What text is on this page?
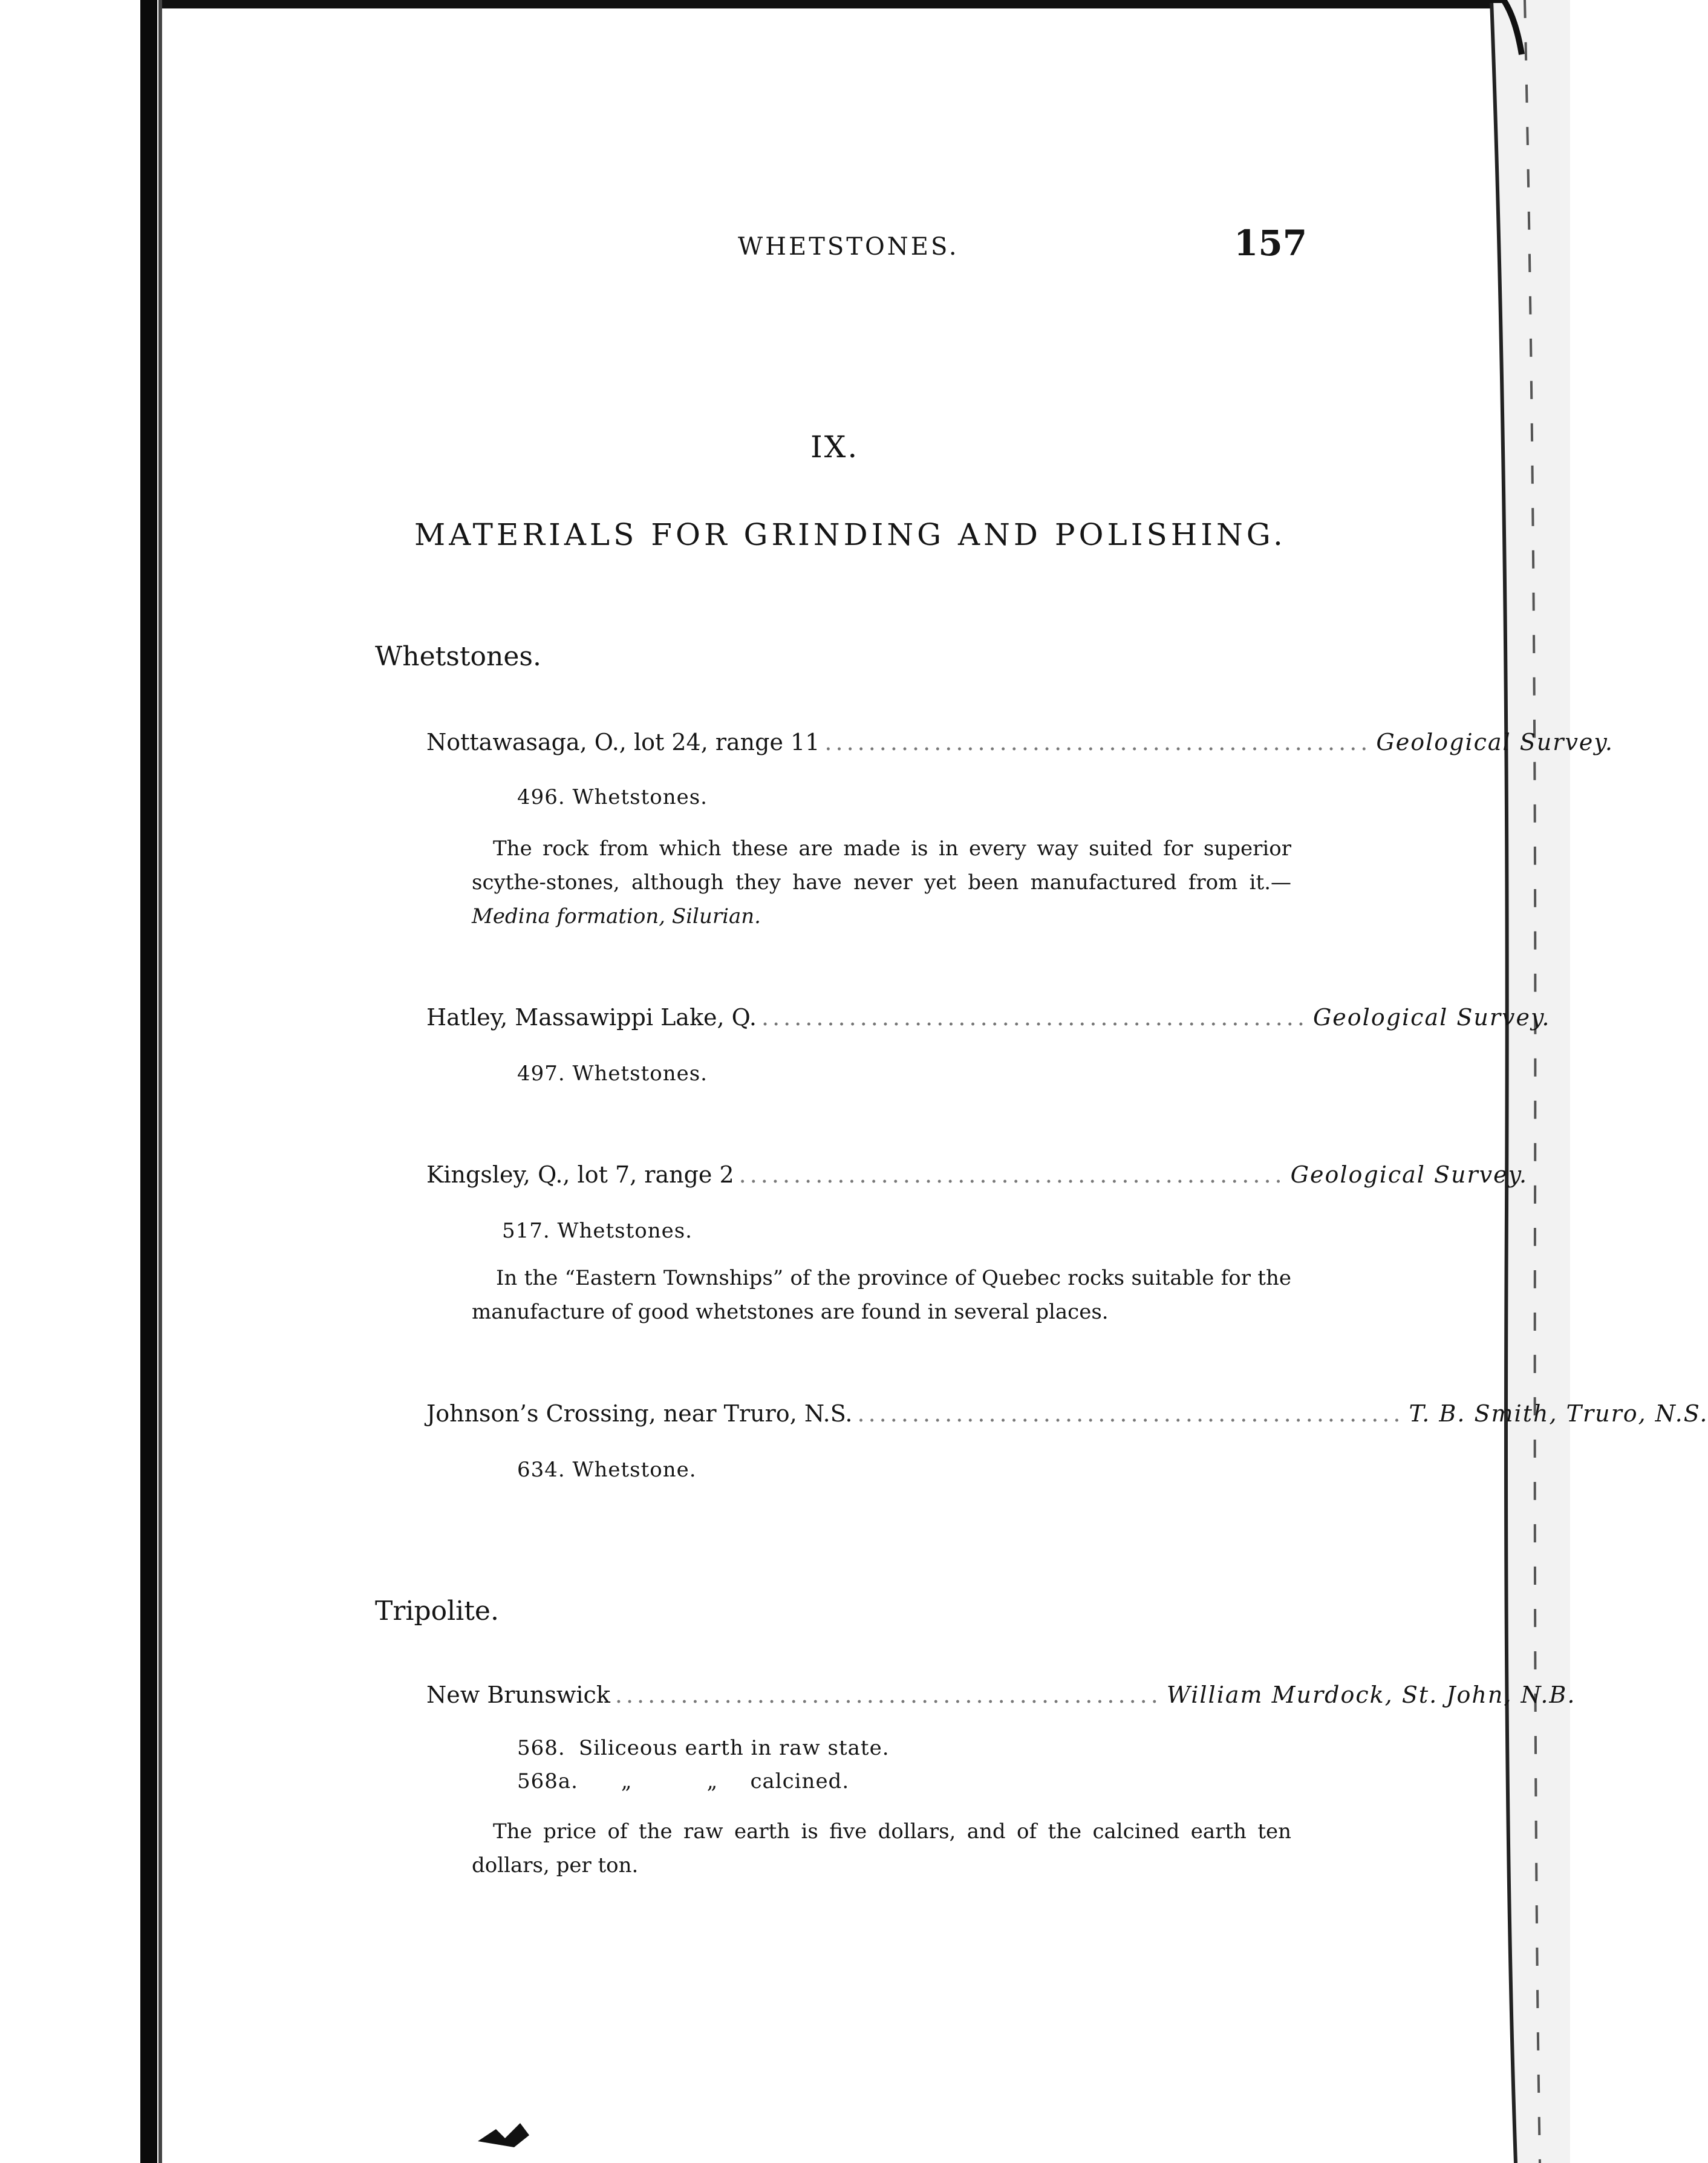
WHETSTONES.	157
IX.
MATERIALS FOR GRINDING AND POLISHING.
Whetstones.
Nottawasaga, O., lot 24, range 11 .................................................. Geological Survey.
496. Whetstones.
The rock from which these are made is in every way suited for superior scythe-stones, although they have never yet been manufactured from it.— Medina formation, Silurian.
Hatley, Massawippi Lake, Q. .................................................. Geological Survey.
497. Whetstones.
Kingsley, Q., lot 7, range 2 .................................................. Geological Survey.
517. Whetstones.
In the “Eastern Townships” of the province of Quebec rocks suitable for the manufacture of good whetstones are found in several places.
Johnson’s Crossing, near Truro, N.S. .................................................. T. B. Smith, Truro, N.S.
634. Whetstone.
Tripolite.
New Brunswick .................................................. William Murdock, St. John, N.B.
568. Siliceous earth in raw state.
568a. „	„ calcined.
The price of the raw earth is five dollars, and of the calcined earth ten dollars, per ton.
